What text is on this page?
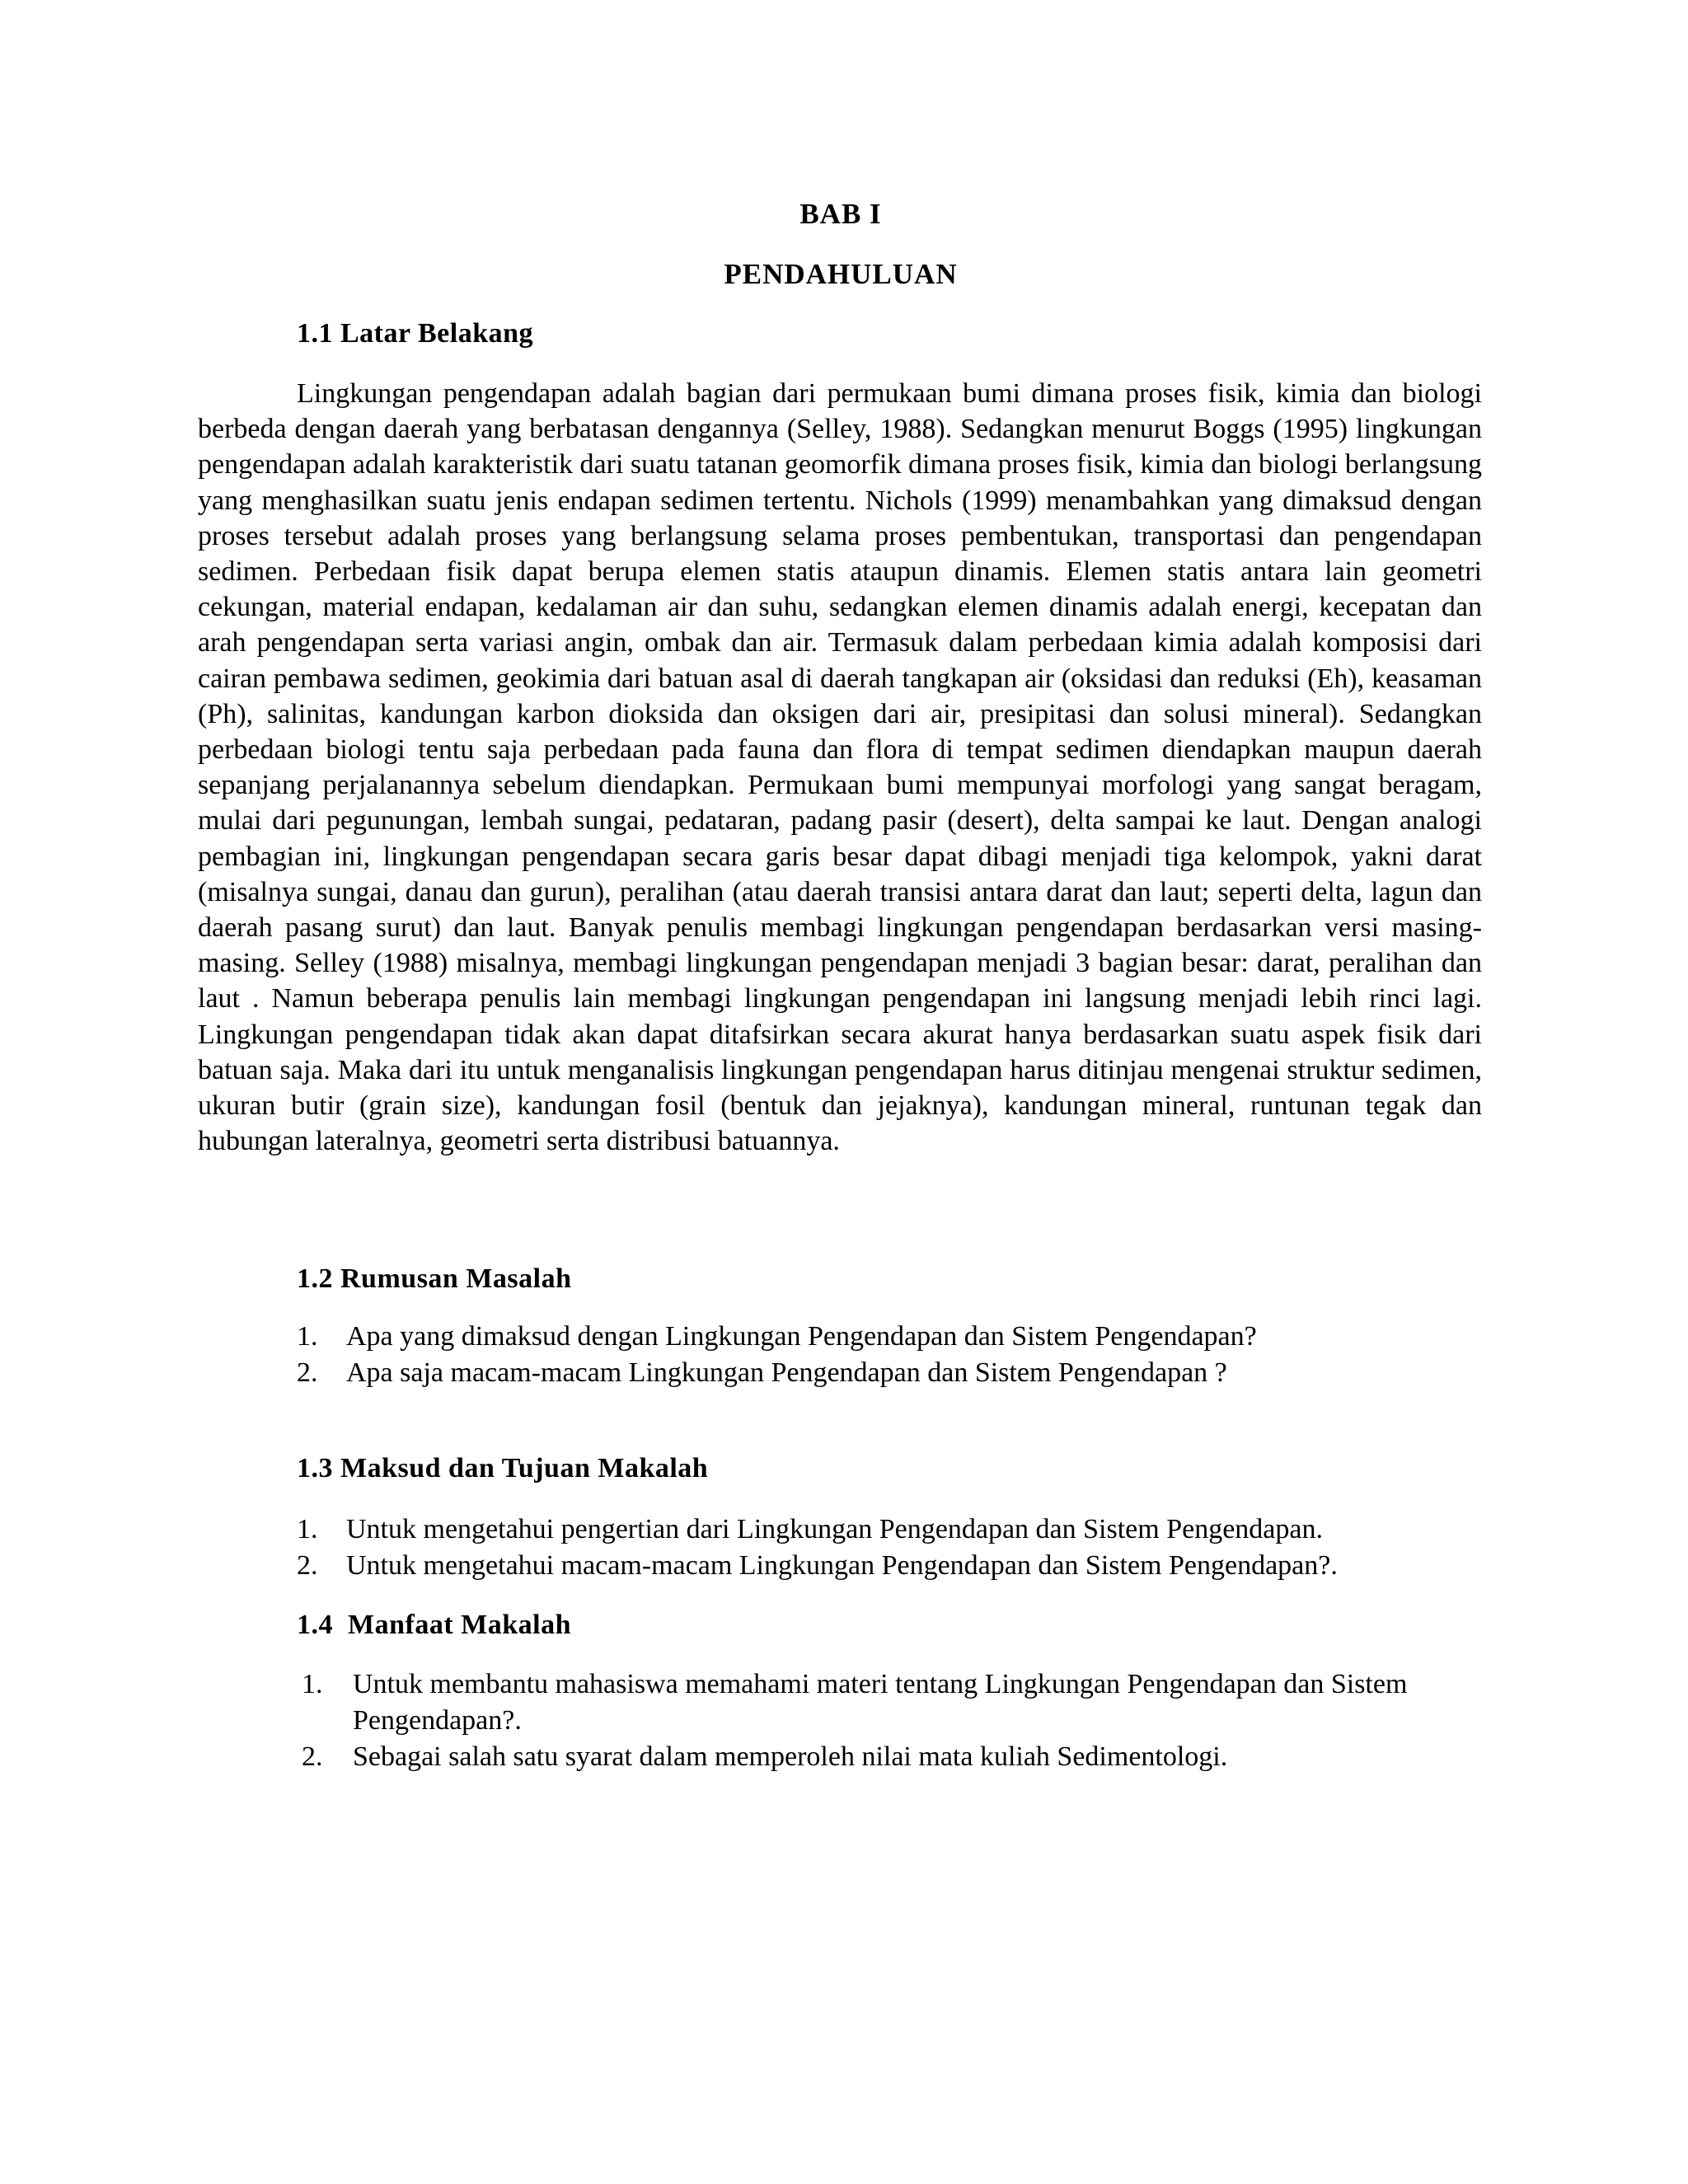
BAB I
PENDAHULUAN
1.1 Latar Belakang

Lingkungan pengendapan adalah bagian dari permukaan bumi dimana proses fisik, kimia dan biologi berbeda dengan daerah yang berbatasan dengannya (Selley, 1988). Sedangkan menurut Boggs (1995) lingkungan pengendapan adalah karakteristik dari suatu tatanan geomorfik dimana proses fisik, kimia dan biologi berlangsung yang menghasilkan suatu jenis endapan sedimen tertentu. Nichols (1999) menambahkan yang dimaksud dengan proses tersebut adalah proses yang berlangsung selama proses pembentukan, transportasi dan pengendapan sedimen. Perbedaan fisik dapat berupa elemen statis ataupun dinamis. Elemen statis antara lain geometri cekungan, material endapan, kedalaman air dan suhu, sedangkan elemen dinamis adalah energi, kecepatan dan arah pengendapan serta variasi angin, ombak dan air. Termasuk dalam perbedaan kimia adalah komposisi dari cairan pembawa sedimen, geokimia dari batuan asal di daerah tangkapan air (oksidasi dan reduksi (Eh), keasaman (Ph), salinitas, kandungan karbon dioksida dan oksigen dari air, presipitasi dan solusi mineral). Sedangkan perbedaan biologi tentu saja perbedaan pada fauna dan flora di tempat sedimen diendapkan maupun daerah sepanjang perjalanannya sebelum diendapkan. Permukaan bumi mempunyai morfologi yang sangat beragam, mulai dari pegunungan, lembah sungai, pedataran, padang pasir (desert), delta sampai ke laut. Dengan analogi pembagian ini, lingkungan pengendapan secara garis besar dapat dibagi menjadi tiga kelompok, yakni darat (misalnya sungai, danau dan gurun), peralihan (atau daerah transisi antara darat dan laut; seperti delta, lagun dan daerah pasang surut) dan laut. Banyak penulis membagi lingkungan pengendapan berdasarkan versi masing-masing. Selley (1988) misalnya, membagi lingkungan pengendapan menjadi 3 bagian besar: darat, peralihan dan laut . Namun beberapa penulis lain membagi lingkungan pengendapan ini langsung menjadi lebih rinci lagi. Lingkungan pengendapan tidak akan dapat ditafsirkan secara akurat hanya berdasarkan suatu aspek fisik dari batuan saja. Maka dari itu untuk menganalisis lingkungan pengendapan harus ditinjau mengenai struktur sedimen, ukuran butir (grain size), kandungan fosil (bentuk dan jejaknya), kandungan mineral, runtunan tegak dan hubungan lateralnya, geometri serta distribusi batuannya.

1.2 Rumusan Masalah
1. Apa yang dimaksud dengan Lingkungan Pengendapan dan Sistem Pengendapan?
2. Apa saja macam-macam Lingkungan Pengendapan dan Sistem Pengendapan ?
1.3 Maksud dan Tujuan Makalah
1. Untuk mengetahui pengertian dari Lingkungan Pengendapan dan Sistem Pengendapan.
2. Untuk mengetahui macam-macam Lingkungan Pengendapan dan Sistem Pengendapan?.
1.4  Manfaat Makalah
1. Untuk membantu mahasiswa memahami materi tentang Lingkungan Pengendapan dan Sistem Pengendapan?.
2. Sebagai salah satu syarat dalam memperoleh nilai mata kuliah Sedimentologi.
